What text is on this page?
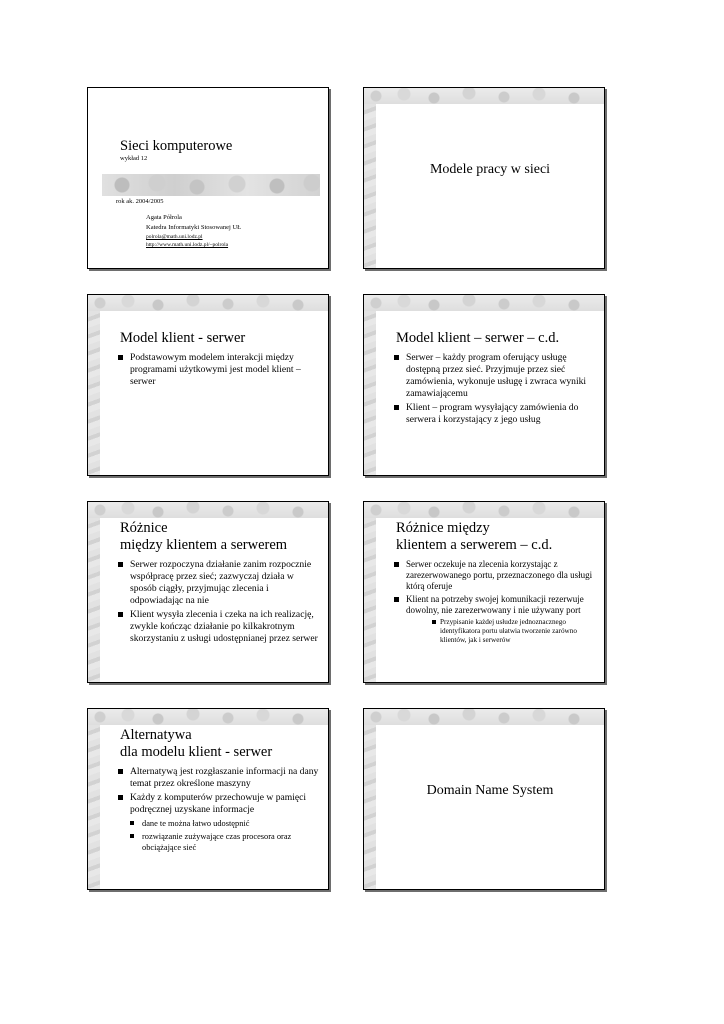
Sieci komputerowe
wykład 12
rok ak. 2004/2005
Agata Półrola
Katedra Informatyki Stosowanej UŁ
polrola@math.uni.lodz.pl
http://www.math.uni.lodz.pl/~polrola
Modele pracy w sieci
Model klient - serwer
Podstawowym modelem interakcji między programami użytkowymi jest model klient – serwer
Model klient – serwer – c.d.
Serwer – każdy program oferujący usługę dostępną przez sieć. Przyjmuje przez sieć zamówienia, wykonuje usługę i zwraca wyniki zamawiającemu
Klient – program wysyłający zamówienia do serwera i korzystający z jego usług
Różnice
między klientem a serwerem
Serwer rozpoczyna działanie zanim rozpocznie współpracę przez sieć; zazwyczaj działa w sposób ciągły, przyjmując zlecenia i odpowiadając na nie
Klient wysyła zlecenia i czeka na ich realizację, zwykle kończąc działanie po kilkakrotnym skorzystaniu z usługi udostępnianej przez serwer
Różnice między
klientem a serwerem – c.d.
Serwer oczekuje na zlecenia korzystając z zarezerwowanego portu, przeznaczonego dla usługi którą oferuje
Klient na potrzeby swojej komunikacji rezerwuje dowolny, nie zarezerwowany i nie używany port
Przypisanie każdej usłudze jednoznacznego identyfikatora portu ułatwia tworzenie zarówno klientów, jak i serwerów
Alternatywa
dla modelu klient - serwer
Alternatywą jest rozgłaszanie informacji na dany temat przez określone maszyny
Każdy z komputerów przechowuje w pamięci podręcznej uzyskane informacje
dane te można łatwo udostępnić
rozwiązanie zużywające czas procesora oraz obciążające sieć
Domain Name System
